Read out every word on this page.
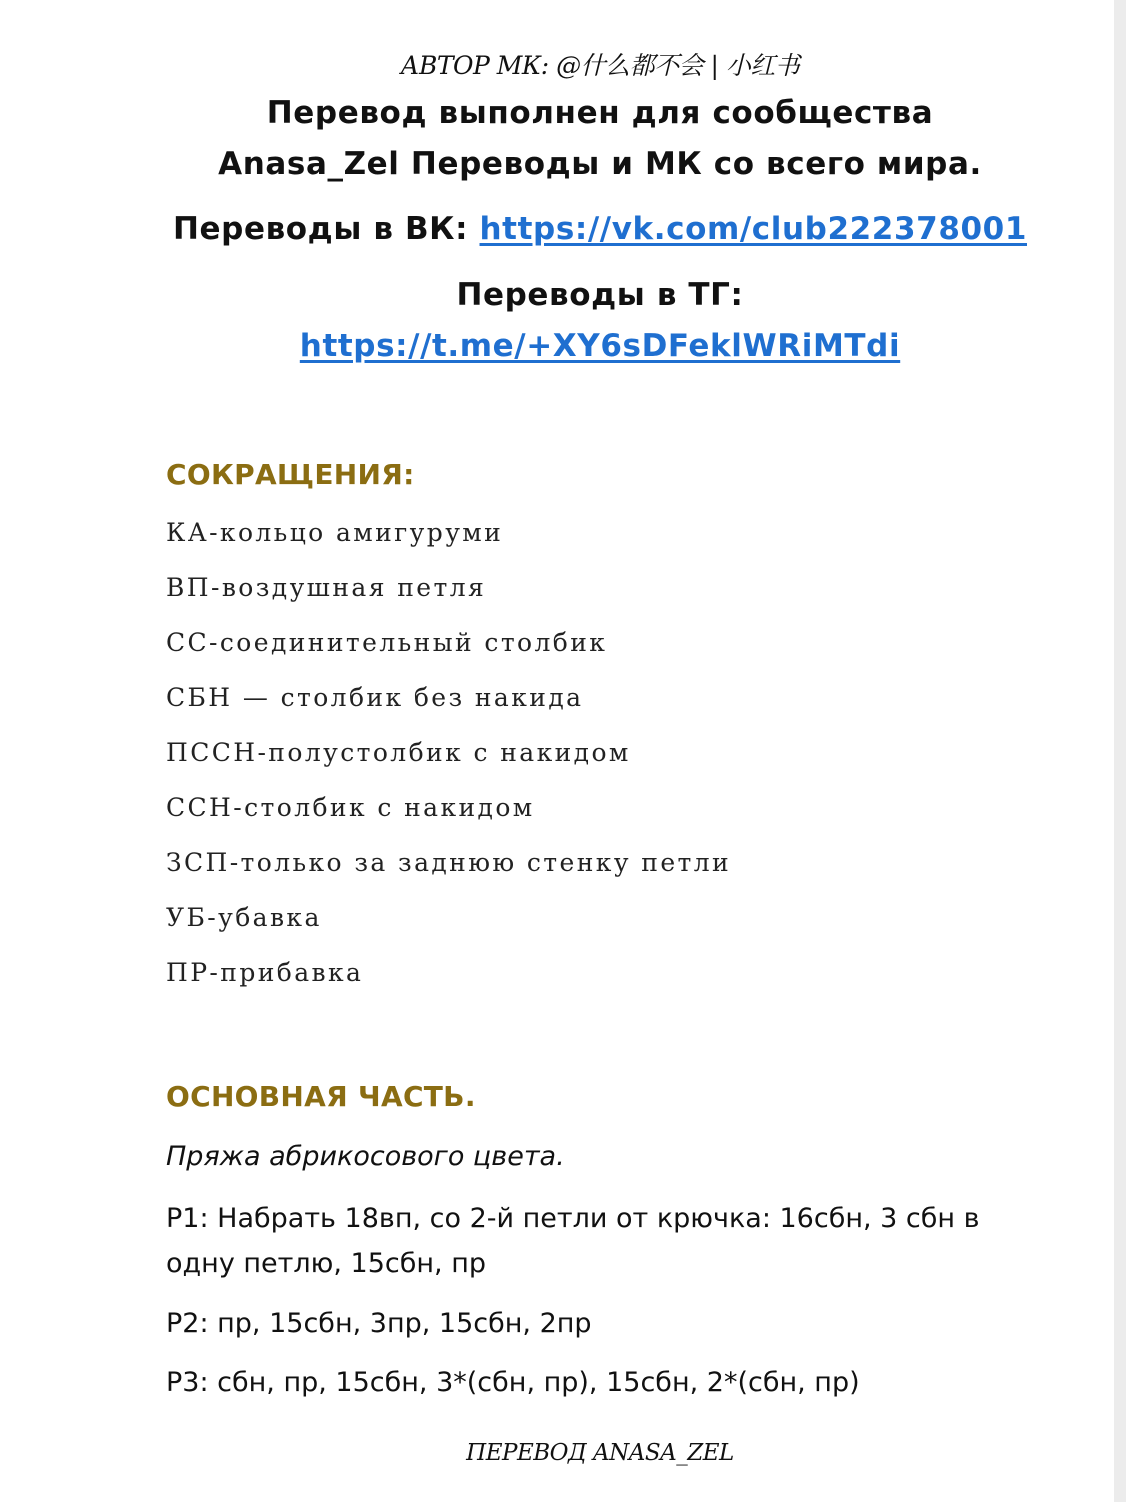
АВТОР МК: @什么都不会 | 小红书
Перевод выполнен для сообщества
Anasa_Zel Переводы и МК со всего мира.
Переводы в ВК: https://vk.com/club222378001
Переводы в ТГ:
https://t.me/+XY6sDFeklWRiMTdi
СОКРАЩЕНИЯ:
КА-кольцо амигуруми
ВП-воздушная петля
СС-соединительный столбик
СБН — столбик без накида
ПССН-полустолбик с накидом
ССН-столбик с накидом
ЗСП-только за заднюю стенку петли
УБ-убавка
ПР-прибавка
ОСНОВНАЯ ЧАСТЬ.
Пряжа абрикосового цвета.
Р1: Набрать 18вп, со 2-й петли от крючка: 16сбн, 3 сбн в
одну петлю, 15сбн, пр
Р2: пр, 15сбн, 3пр, 15сбн, 2пр
Р3: сбн, пр, 15сбн, 3*(сбн, пр), 15сбн, 2*(сбн, пр)
ПЕРЕВОД ANASA_ZEL
